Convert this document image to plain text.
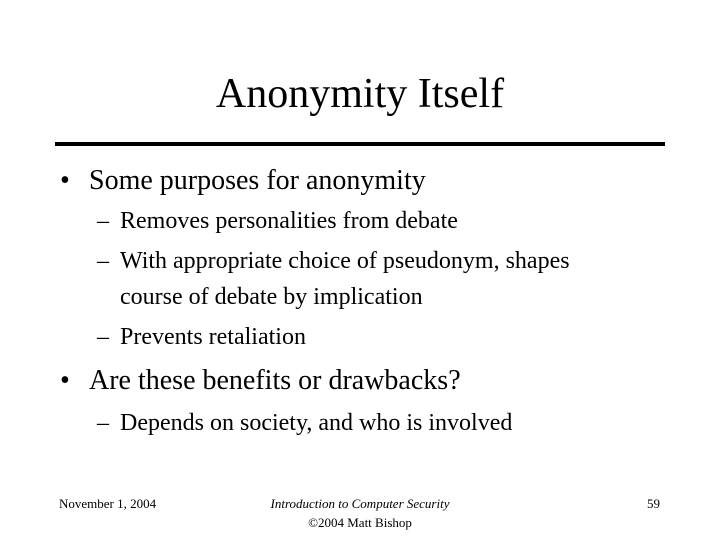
Anonymity Itself
• Some purposes for anonymity
– Removes personalities from debate
– With appropriate choice of pseudonym, shapes
course of debate by implication
– Prevents retaliation
• Are these benefits or drawbacks?
– Depends on society, and who is involved
November 1, 2004	Introduction to Computer Security
©2004 Matt Bishop
59
